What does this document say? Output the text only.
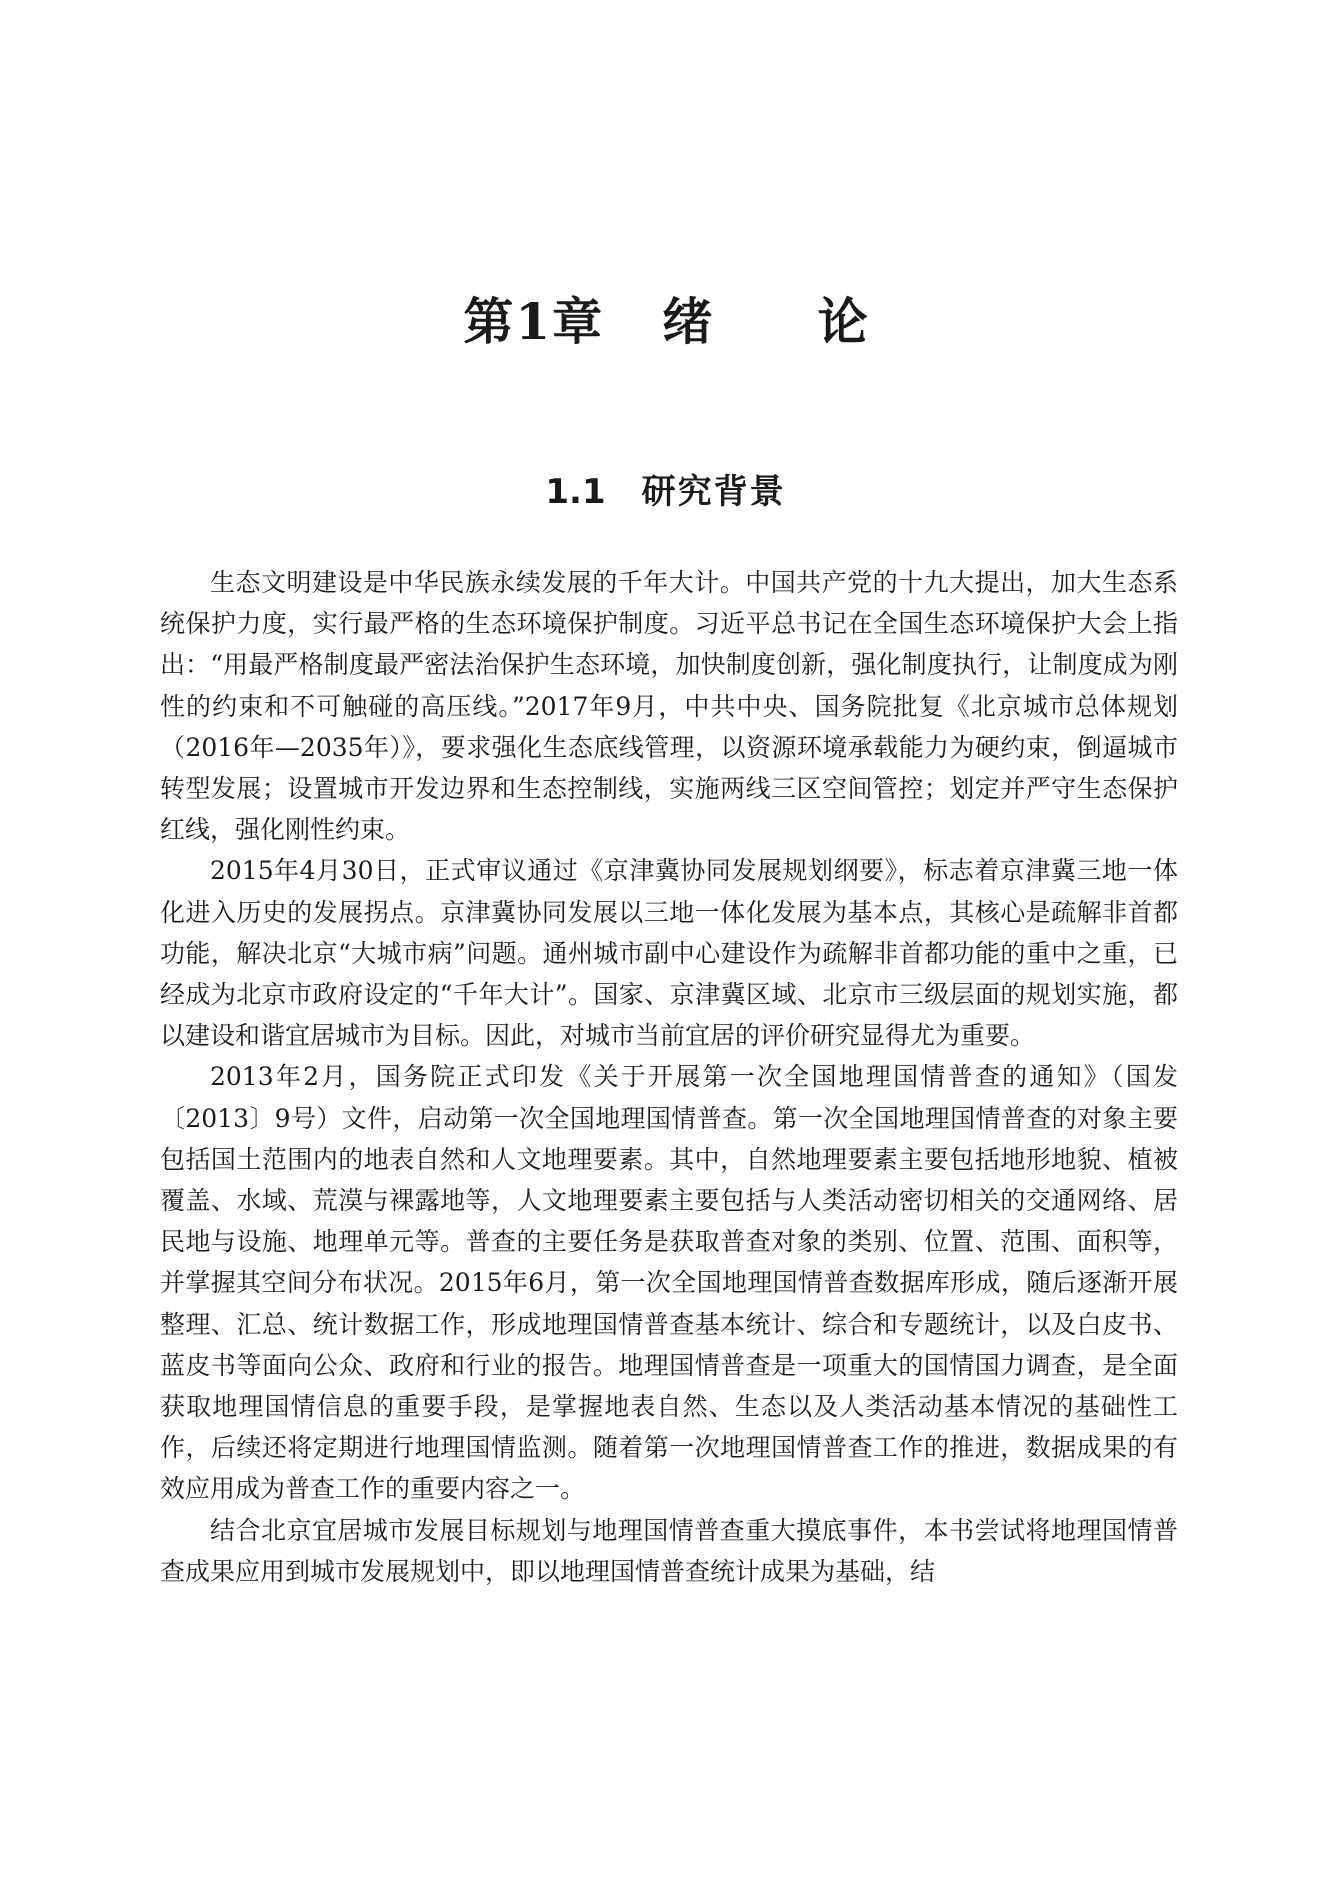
第1章 绪 论
1.1 研究背景

生态文明建设是中华民族永续发展的千年大计。中国共产党的十九大提出，加大生态系统保护力度，实行最严格的生态环境保护制度。习近平总书记在全国生态环境保护大会上指出：“用最严格制度最严密法治保护生态环境，加快制度创新，强化制度执行，让制度成为刚性的约束和不可触碰的高压线。”2017年9月，中共中央、国务院批复《北京城市总体规划（2016年—2035年）》，要求强化生态底线管理，以资源环境承载能力为硬约束，倒逼城市转型发展；设置城市开发边界和生态控制线，实施两线三区空间管控；划定并严守生态保护红线，强化刚性约束。

2015年4月30日，正式审议通过《京津冀协同发展规划纲要》，标志着京津冀三地一体化进入历史的发展拐点。京津冀协同发展以三地一体化发展为基本点，其核心是疏解非首都功能，解决北京“大城市病”问题。通州城市副中心建设作为疏解非首都功能的重中之重，已经成为北京市政府设定的“千年大计”。国家、京津冀区域、北京市三级层面的规划实施，都以建设和谐宜居城市为目标。因此，对城市当前宜居的评价研究显得尤为重要。

2013年2月，国务院正式印发《关于开展第一次全国地理国情普查的通知》（国发〔2013〕9号）文件，启动第一次全国地理国情普查。第一次全国地理国情普查的对象主要包括国土范围内的地表自然和人文地理要素。其中，自然地理要素主要包括地形地貌、植被覆盖、水域、荒漠与裸露地等，人文地理要素主要包括与人类活动密切相关的交通网络、居民地与设施、地理单元等。普查的主要任务是获取普查对象的类别、位置、范围、面积等，并掌握其空间分布状况。2015年6月，第一次全国地理国情普查数据库形成，随后逐渐开展整理、汇总、统计数据工作，形成地理国情普查基本统计、综合和专题统计，以及白皮书、蓝皮书等面向公众、政府和行业的报告。地理国情普查是一项重大的国情国力调查，是全面获取地理国情信息的重要手段，是掌握地表自然、生态以及人类活动基本情况的基础性工作，后续还将定期进行地理国情监测。随着第一次地理国情普查工作的推进，数据成果的有效应用成为普查工作的重要内容之一。

结合北京宜居城市发展目标规划与地理国情普查重大摸底事件，本书尝试将地理国情普查成果应用到城市发展规划中，即以地理国情普查统计成果为基础，结
